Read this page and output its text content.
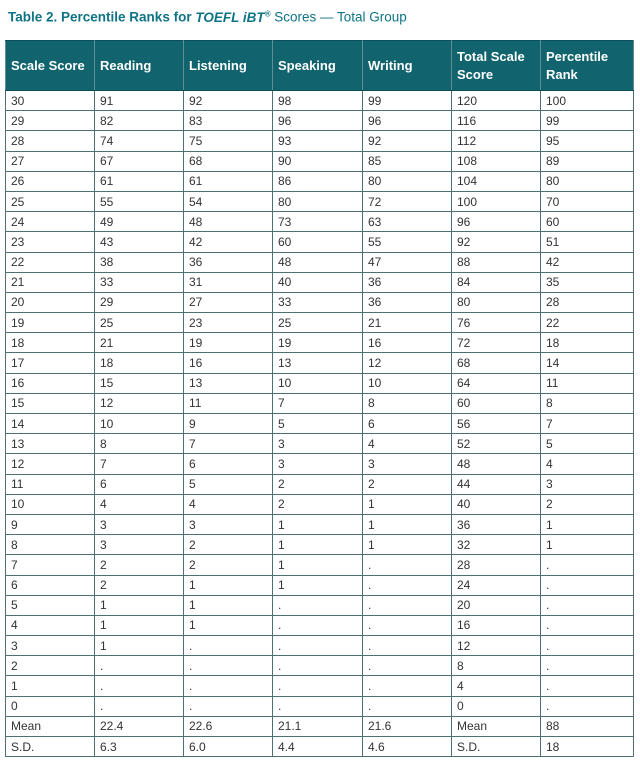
Table 2. Percentile Ranks for TOEFL iBT® Scores — Total Group
Scale Score	Reading	Listening	Speaking	Writing	Total Scale Score	Percentile Rank
30	91	92	98	99	120	100
29	82	83	96	96	116	99
28	74	75	93	92	112	95
27	67	68	90	85	108	89
26	61	61	86	80	104	80
25	55	54	80	72	100	70
24	49	48	73	63	96	60
23	43	42	60	55	92	51
22	38	36	48	47	88	42
21	33	31	40	36	84	35
20	29	27	33	36	80	28
19	25	23	25	21	76	22
18	21	19	19	16	72	18
17	18	16	13	12	68	14
16	15	13	10	10	64	11
15	12	11	7	8	60	8
14	10	9	5	6	56	7
13	8	7	3	4	52	5
12	7	6	3	3	48	4
11	6	5	2	2	44	3
10	4	4	2	1	40	2
9	3	3	1	1	36	1
8	3	2	1	1	32	1
7	2	2	1	.	28	.
6	2	1	1	.	24	.
5	1	1	.	.	20	.
4	1	1	.	.	16	.
3	1	.	.	.	12	.
2	.	.	.	.	8	.
1	.	.	.	.	4	.
0	.	.	.	.	0	.
Mean	22.4	22.6	21.1	21.6	Mean	88
S.D.	6.3	6.0	4.4	4.6	S.D.	18
